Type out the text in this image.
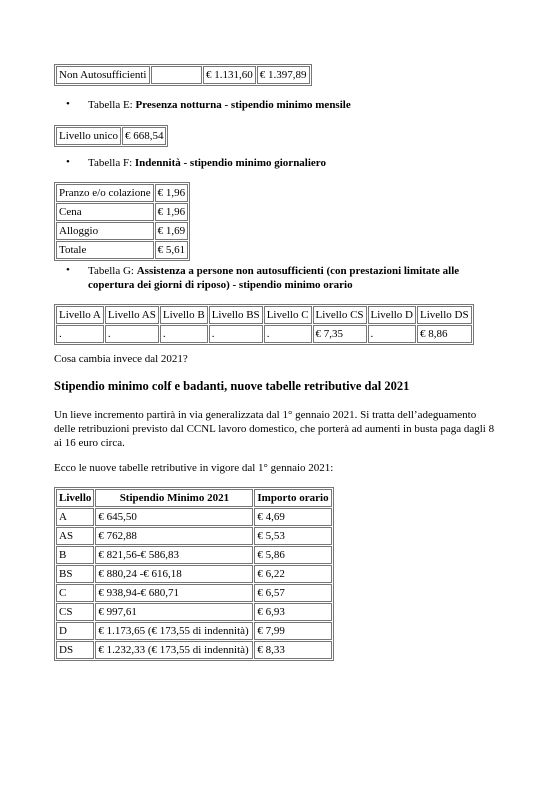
Non Autosufficienti		€ 1.131,60	€ 1.397,89
• Tabella E: Presenza notturna - stipendio minimo mensile
Livello unico	€ 668,54
• Tabella F: Indennità - stipendio minimo giornaliero
Pranzo e/o colazione	€ 1,96
Cena	€ 1,96
Alloggio	€ 1,69
Totale	€ 5,61
• Tabella G: Assistenza a persone non autosufficienti (con prestazioni limitate alle copertura dei giorni di riposo) - stipendio minimo orario
Livello A	Livello AS	Livello B	Livello BS	Livello C	Livello CS	Livello D	Livello DS
.	.	.	.	.	€ 7,35	.	€ 8,86
Cosa cambia invece dal 2021?
Stipendio minimo colf e badanti, nuove tabelle retributive dal 2021
Un lieve incremento partirà in via generalizzata dal 1° gennaio 2021. Si tratta dell’adeguamento
delle retribuzioni previsto dal CCNL lavoro domestico, che porterà ad aumenti in busta paga dagli 8
ai 16 euro circa.
Ecco le nuove tabelle retributive in vigore dal 1° gennaio 2021:
Livello	Stipendio Minimo 2021	Importo orario
A	€ 645,50	€ 4,69
AS	€ 762,88	€ 5,53
B	€ 821,56-€ 586,83	€ 5,86
BS	€ 880,24 -€ 616,18	€ 6,22
C	€ 938,94-€ 680,71	€ 6,57
CS	€ 997,61	€ 6,93
D	€ 1.173,65 (€ 173,55 di indennità)	€ 7,99
DS	€ 1.232,33 (€ 173,55 di indennità)	€ 8,33
